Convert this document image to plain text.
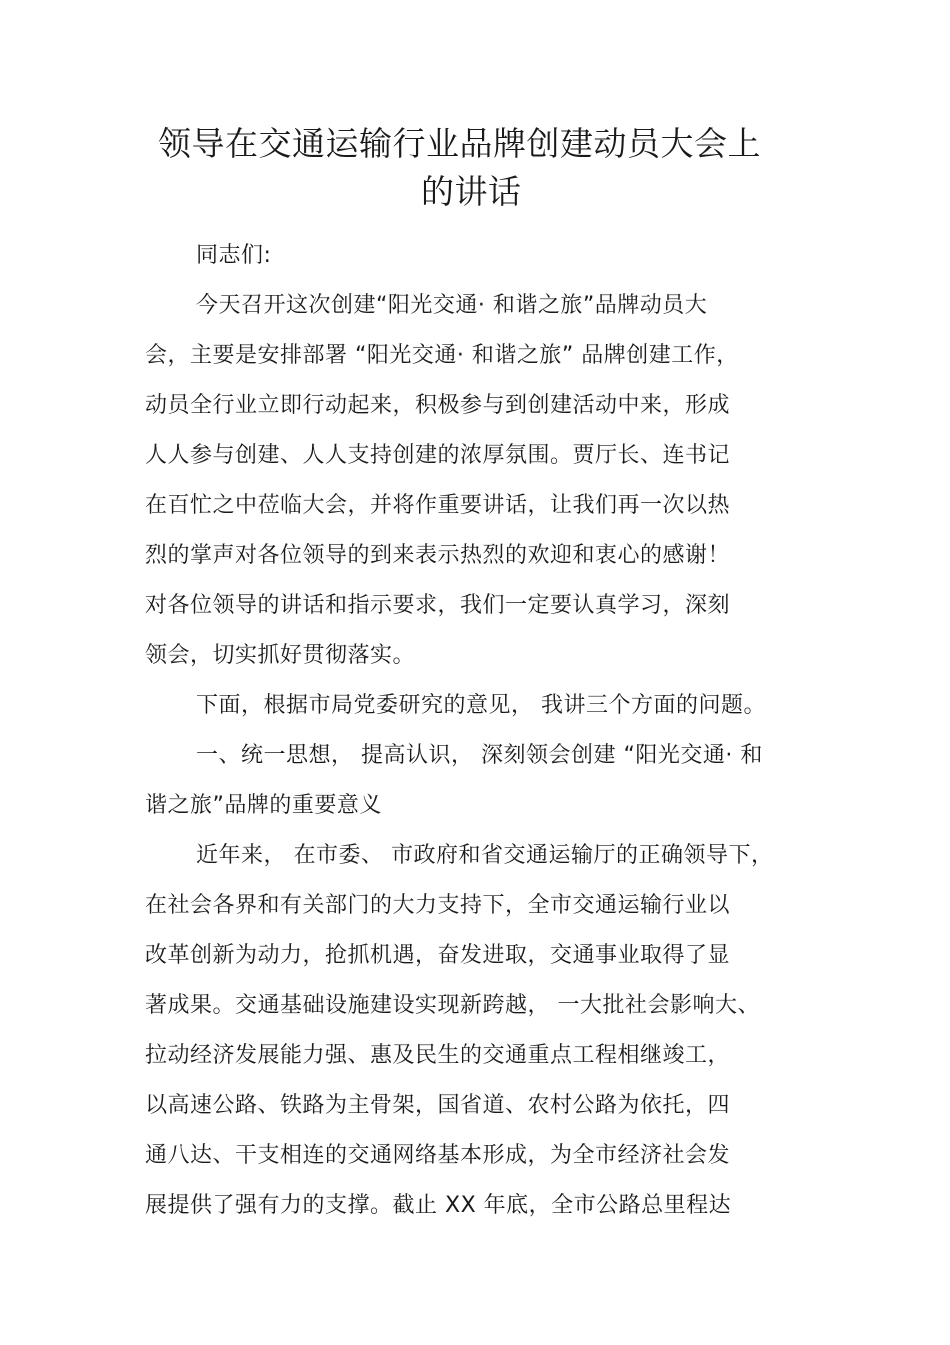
领导在交通运输行业品牌创建动员大会上
的讲话
同志们:
今天召开这次创建“阳光交通· 和谐之旅”品牌动员大
会，主要是安排部署 “阳光交通· 和谐之旅” 品牌创建工作，
动员全行业立即行动起来，积极参与到创建活动中来，形成
人人参与创建、人人支持创建的浓厚氛围。贾厅长、连书记
在百忙之中莅临大会，并将作重要讲话，让我们再一次以热
烈的掌声对各位领导的到来表示热烈的欢迎和衷心的感谢！
对各位领导的讲话和指示要求，我们一定要认真学习，深刻
领会，切实抓好贯彻落实。
下面，根据市局党委研究的意见， 我讲三个方面的问题。
一、统一思想， 提高认识， 深刻领会创建 “阳光交通· 和
谐之旅”品牌的重要意义
近年来， 在市委、 市政府和省交通运输厅的正确领导下，
在社会各界和有关部门的大力支持下，全市交通运输行业以
改革创新为动力，抢抓机遇，奋发进取，交通事业取得了显
著成果。交通基础设施建设实现新跨越， 一大批社会影响大、
拉动经济发展能力强、惠及民生的交通重点工程相继竣工，
以高速公路、铁路为主骨架，国省道、农村公路为依托，四
通八达、干支相连的交通网络基本形成，为全市经济社会发
展提供了强有力的支撑。截止 XX 年底，全市公路总里程达
